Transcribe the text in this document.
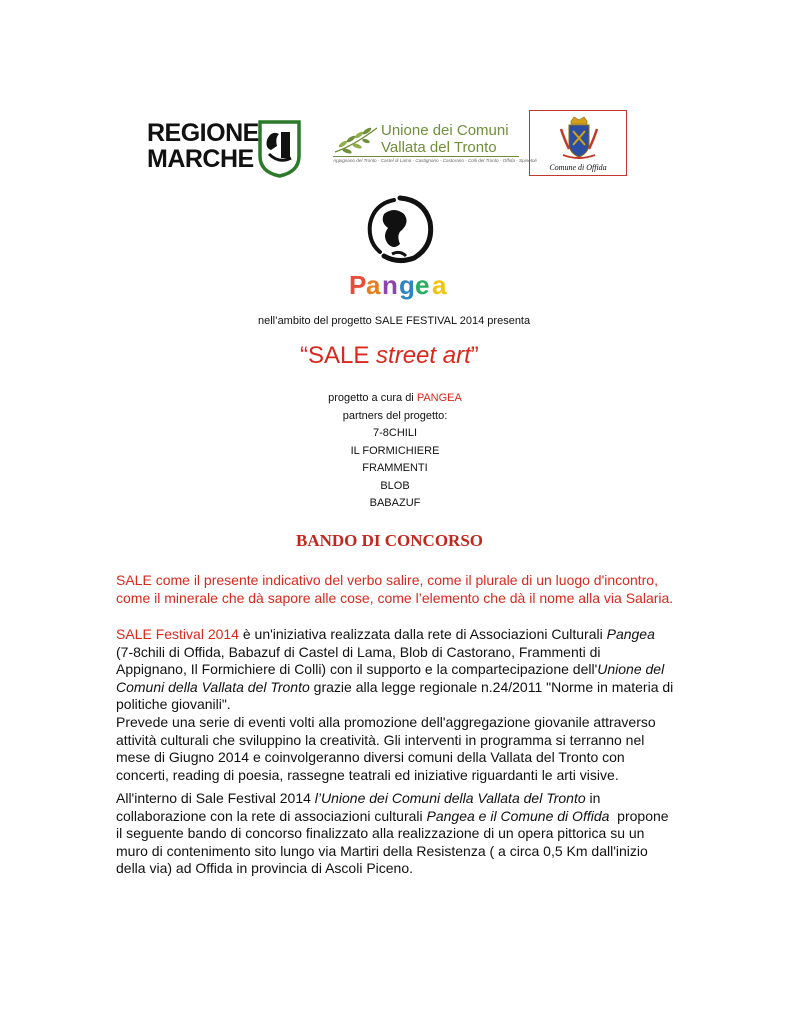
REGIONE
MARCHE
Unione dei Comuni
Vallata del Tronto
Appignano del Tronto - Castel di Lama - Castignano - Castorano - Colli del Tronto - Offida - Spinetoli
Comune di Offida
P a n g e a
nell’ambito del progetto SALE FESTIVAL 2014 presenta
“SALE street art”
progetto a cura di PANGEA
partners del progetto:
7-8CHILI
IL FORMICHIERE
FRAMMENTI
BLOB
BABAZUF
BANDO DI CONCORSO
SALE come il presente indicativo del verbo salire, come il plurale di un luogo d'incontro,
come il minerale che dà sapore alle cose, come l’elemento che dà il nome alla via Salaria.
SALE Festival 2014 è un'iniziativa realizzata dalla rete di Associazioni Culturali Pangea
(7-8chili di Offida, Babazuf di Castel di Lama, Blob di Castorano, Frammenti di
Appignano, Il Formichiere di Colli) con il supporto e la compartecipazione dell'Unione del
Comuni della Vallata del Tronto grazie alla legge regionale n.24/2011 "Norme in materia di
politiche giovanili".
Prevede una serie di eventi volti alla promozione dell'aggregazione giovanile attraverso
attività culturali che sviluppino la creatività. Gli interventi in programma si terranno nel
mese di Giugno 2014 e coinvolgeranno diversi comuni della Vallata del Tronto con
concerti, reading di poesia, rassegne teatrali ed iniziative riguardanti le arti visive.
All'interno di Sale Festival 2014 l’Unione dei Comuni della Vallata del Tronto in
collaborazione con la rete di associazioni culturali Pangea e il Comune di Offida  propone
il seguente bando di concorso finalizzato alla realizzazione di un opera pittorica su un
muro di contenimento sito lungo via Martiri della Resistenza ( a circa 0,5 Km dall'inizio
della via) ad Offida in provincia di Ascoli Piceno.
